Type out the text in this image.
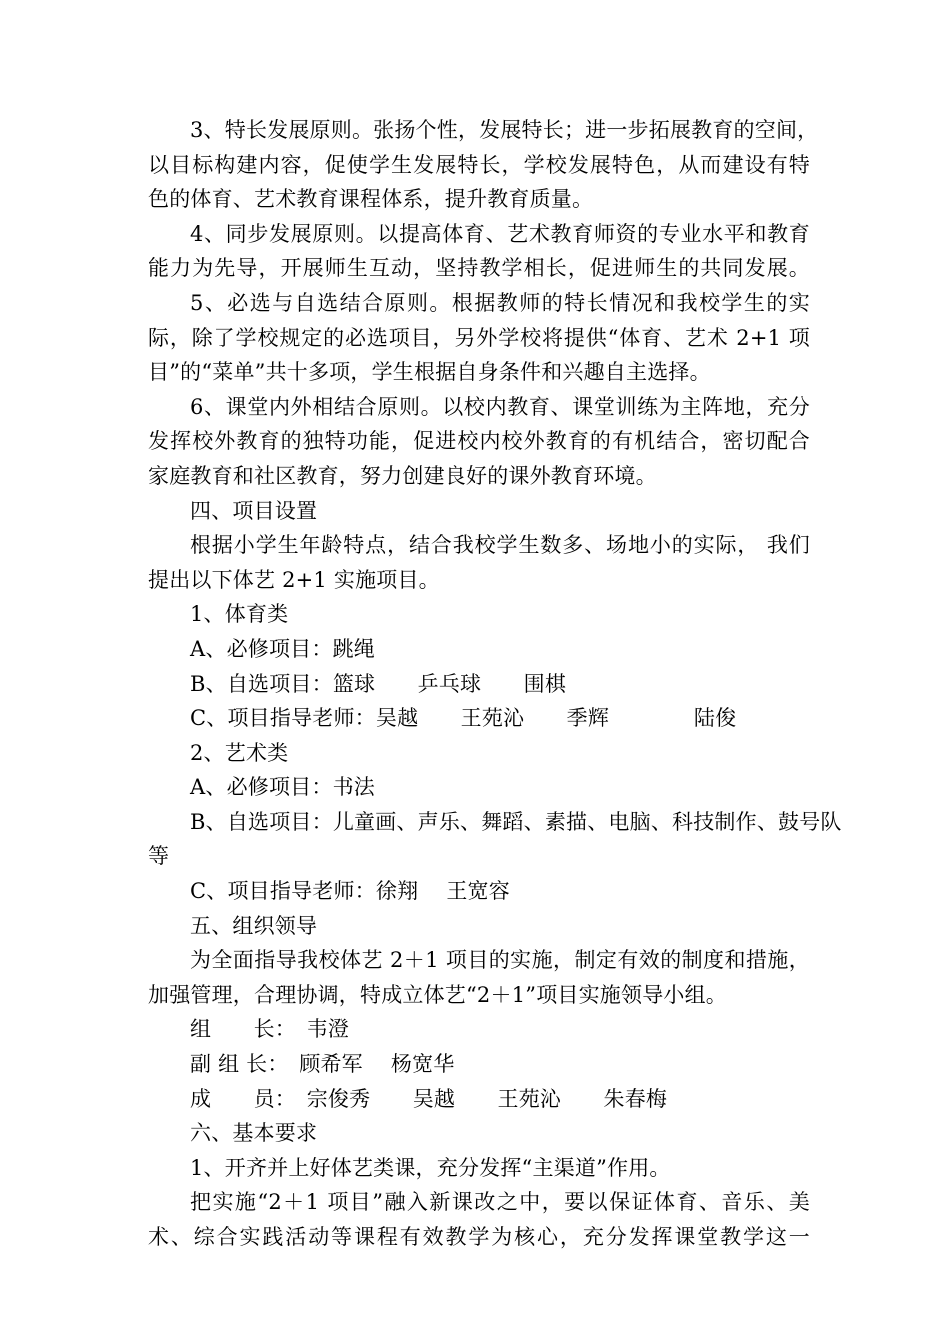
3、特长发展原则。张扬个性，发展特长；进一步拓展教育的空间，
以目标构建内容，促使学生发展特长，学校发展特色，从而建设有特
色的体育、艺术教育课程体系，提升教育质量。
4、同步发展原则。以提高体育、艺术教育师资的专业水平和教育
能力为先导，开展师生互动，坚持教学相长，促进师生的共同发展。
5、必选与自选结合原则。根据教师的特长情况和我校学生的实
际，除了学校规定的必选项目，另外学校将提供“体育、艺术 2+1 项
目”的“菜单”共十多项，学生根据自身条件和兴趣自主选择。
6、课堂内外相结合原则。以校内教育、课堂训练为主阵地，充分
发挥校外教育的独特功能，促进校内校外教育的有机结合，密切配合
家庭教育和社区教育，努力创建良好的课外教育环境。
四、项目设置
根据小学生年龄特点，结合我校学生数多、场地小的实际， 我们
提出以下体艺 2+1 实施项目。
1、体育类
A、必修项目：跳绳
B、自选项目：篮球　　乒乓球　　围棋
C、项目指导老师：吴越　　王苑沁　　季辉　　　　陆俊
2、艺术类
A、必修项目：书法
B、自选项目：儿童画、声乐、舞蹈、素描、电脑、科技制作、鼓号队
等
C、项目指导老师：徐翔　 王宽容
五、组织领导
为全面指导我校体艺 2＋1 项目的实施，制定有效的制度和措施，
加强管理，合理协调，特成立体艺“2＋1”项目实施领导小组。
组　　长：　韦澄
副 组 长：　顾希军　 杨宽华
成　　员：　宗俊秀　　吴越　　王苑沁　　朱春梅
六、基本要求
1、开齐并上好体艺类课，充分发挥“主渠道”作用。
把实施“2＋1 项目”融入新课改之中，要以保证体育、音乐、美
术、综合实践活动等课程有效教学为核心，充分发挥课堂教学这一
